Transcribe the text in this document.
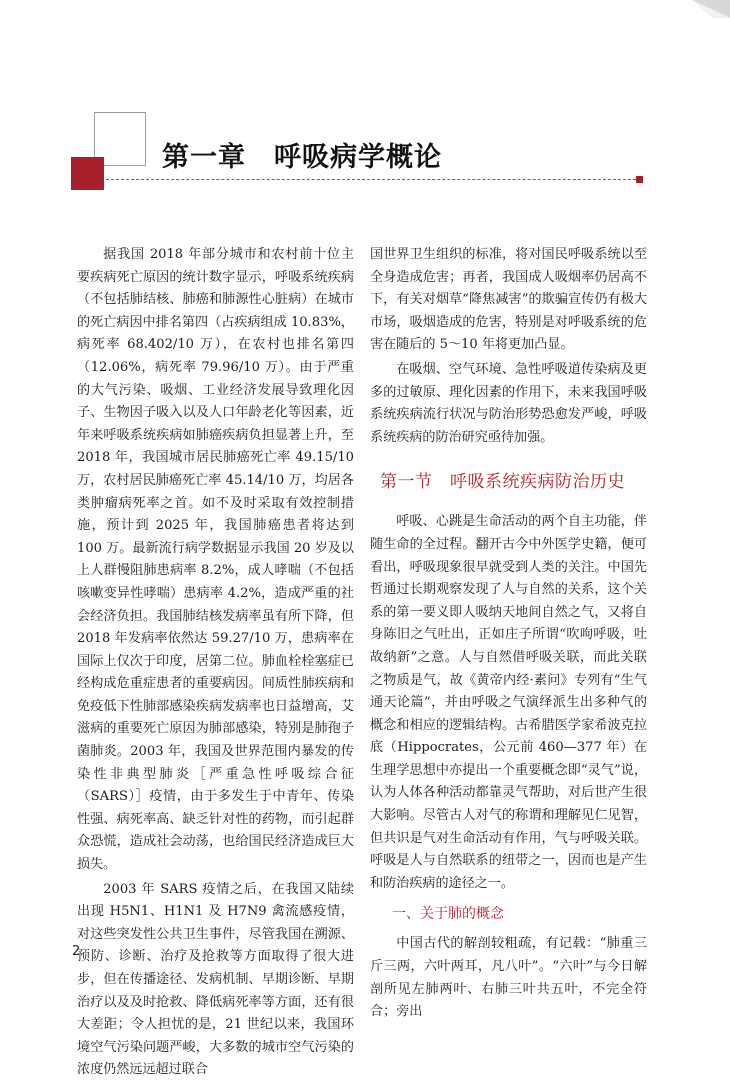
第一章　呼吸病学概论

据我国 2018 年部分城市和农村前十位主要疾病死亡原因的统计数字显示，呼吸系统疾病（不包括肺结核、肺癌和肺源性心脏病）在城市的死亡病因中排名第四（占疾病组成 10.83%，病死率 68.402/10 万），在农村也排名第四（12.06%，病死率 79.96/10 万）。由于严重的大气污染、吸烟、工业经济发展导致理化因子、生物因子吸入以及人口年龄老化等因素，近年来呼吸系统疾病如肺癌疾病负担显著上升，至 2018 年，我国城市居民肺癌死亡率 49.15/10 万，农村居民肺癌死亡率 45.14/10 万，均居各类肿瘤病死率之首。如不及时采取有效控制措施，预计到 2025 年，我国肺癌患者将达到 100 万。最新流行病学数据显示我国 20 岁及以上人群慢阻肺患病率 8.2%，成人哮喘（不包括咳嗽变异性哮喘）患病率 4.2%，造成严重的社会经济负担。我国肺结核发病率虽有所下降，但 2018 年发病率依然达 59.27/10 万，患病率在国际上仅次于印度，居第二位。肺血栓栓塞症已经构成危重症患者的重要病因。间质性肺疾病和免疫低下性肺部感染疾病发病率也日益增高，艾滋病的重要死亡原因为肺部感染，特别是肺孢子菌肺炎。2003 年，我国及世界范围内暴发的传染性非典型肺炎［严重急性呼吸综合征（SARS）］疫情，由于多发生于中青年、传染性强、病死率高、缺乏针对性的药物，而引起群众恐慌，造成社会动荡，也给国民经济造成巨大损失。

2003 年 SARS 疫情之后，在我国又陆续出现 H5N1、H1N1 及 H7N9 禽流感疫情，对这些突发性公共卫生事件，尽管我国在溯源、预防、诊断、治疗及抢救等方面取得了很大进步，但在传播途径、发病机制、早期诊断、早期治疗以及及时抢救、降低病死率等方面，还有很大差距；令人担忧的是，21 世纪以来，我国环境空气污染问题严峻，大多数的城市空气污染的浓度仍然远远超过联合

国世界卫生组织的标准，将对国民呼吸系统以至全身造成危害；再者，我国成人吸烟率仍居高不下，有关对烟草“降焦减害”的欺骗宣传仍有极大市场，吸烟造成的危害，特别是对呼吸系统的危害在随后的 5～10 年将更加凸显。

在吸烟、空气环境、急性呼吸道传染病及更多的过敏原、理化因素的作用下，未来我国呼吸系统疾病流行状况与防治形势恐愈发严峻，呼吸系统疾病的防治研究亟待加强。

第一节　呼吸系统疾病防治历史

呼吸、心跳是生命活动的两个自主功能，伴随生命的全过程。翻开古今中外医学史籍，便可看出，呼吸现象很早就受到人类的关注。中国先哲通过长期观察发现了人与自然的关系，这个关系的第一要义即人吸纳天地间自然之气，又将自身陈旧之气吐出，正如庄子所谓“吹呴呼吸，吐故纳新”之意。人与自然借呼吸关联，而此关联之物质是气，故《黄帝内经·素问》专列有“生气通天论篇”，并由呼吸之气演绎派生出多种气的概念和相应的逻辑结构。古希腊医学家希波克拉底（Hippocrates，公元前 460—377 年）在生理学思想中亦提出一个重要概念即“灵气”说，认为人体各种活动都靠灵气帮助，对后世产生很大影响。尽管古人对气的称谓和理解见仁见智，但共识是气对生命活动有作用，气与呼吸关联。呼吸是人与自然联系的纽带之一，因而也是产生和防治疾病的途径之一。

一、关于肺的概念

中国古代的解剖较粗疏，有记载：“肺重三斤三两，六叶两耳，凡八叶”。“六叶”与今日解剖所见左肺两叶、右肺三叶共五叶，不完全符合；旁出

2
